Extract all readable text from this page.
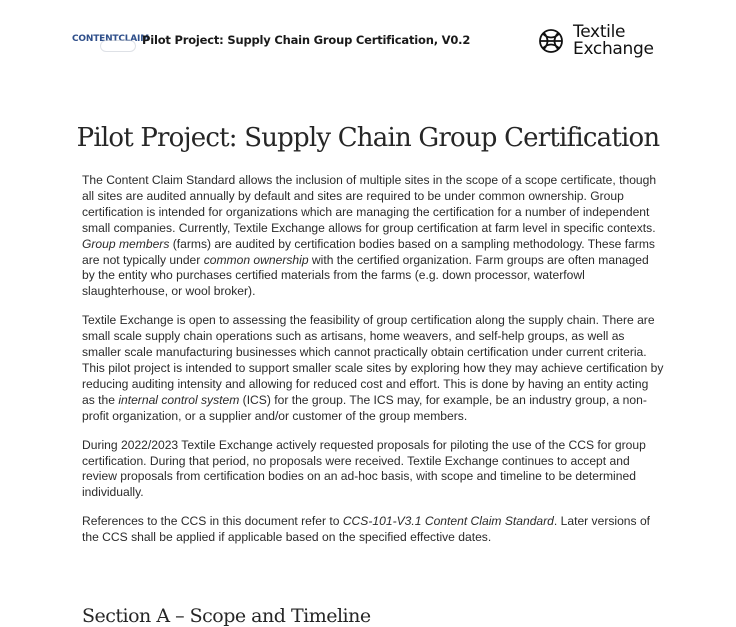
CONTENTCLAIM
Pilot Project: Supply Chain Group Certification, V0.2	Textile
Exchange
Pilot Project: Supply Chain Group Certification

The Content Claim Standard allows the inclusion of multiple sites in the scope of a scope certificate, though all sites are audited annually by default and sites are required to be under common ownership. Group certification is intended for organizations which are managing the certification for a number of independent small companies. Currently, Textile Exchange allows for group certification at farm level in specific contexts. Group members (farms) are audited by certification bodies based on a sampling methodology. These farms are not typically under common ownership with the certified organization. Farm groups are often managed by the entity who purchases certified materials from the farms (e.g. down processor, waterfowl slaughterhouse, or wool broker).

Textile Exchange is open to assessing the feasibility of group certification along the supply chain. There are small scale supply chain operations such as artisans, home weavers, and self-help groups, as well as smaller scale manufacturing businesses which cannot practically obtain certification under current criteria. This pilot project is intended to support smaller scale sites by exploring how they may achieve certification by reducing auditing intensity and allowing for reduced cost and effort. This is done by having an entity acting as the internal control system (ICS) for the group. The ICS may, for example, be an industry group, a non-profit organization, or a supplier and/or customer of the group members.

During 2022/2023 Textile Exchange actively requested proposals for piloting the use of the CCS for group certification. During that period, no proposals were received. Textile Exchange continues to accept and review proposals from certification bodies on an ad-hoc basis, with scope and timeline to be determined individually.

References to the CCS in this document refer to CCS-101-V3.1 Content Claim Standard. Later versions of the CCS shall be applied if applicable based on the specified effective dates.

Section A – Scope and Timeline
